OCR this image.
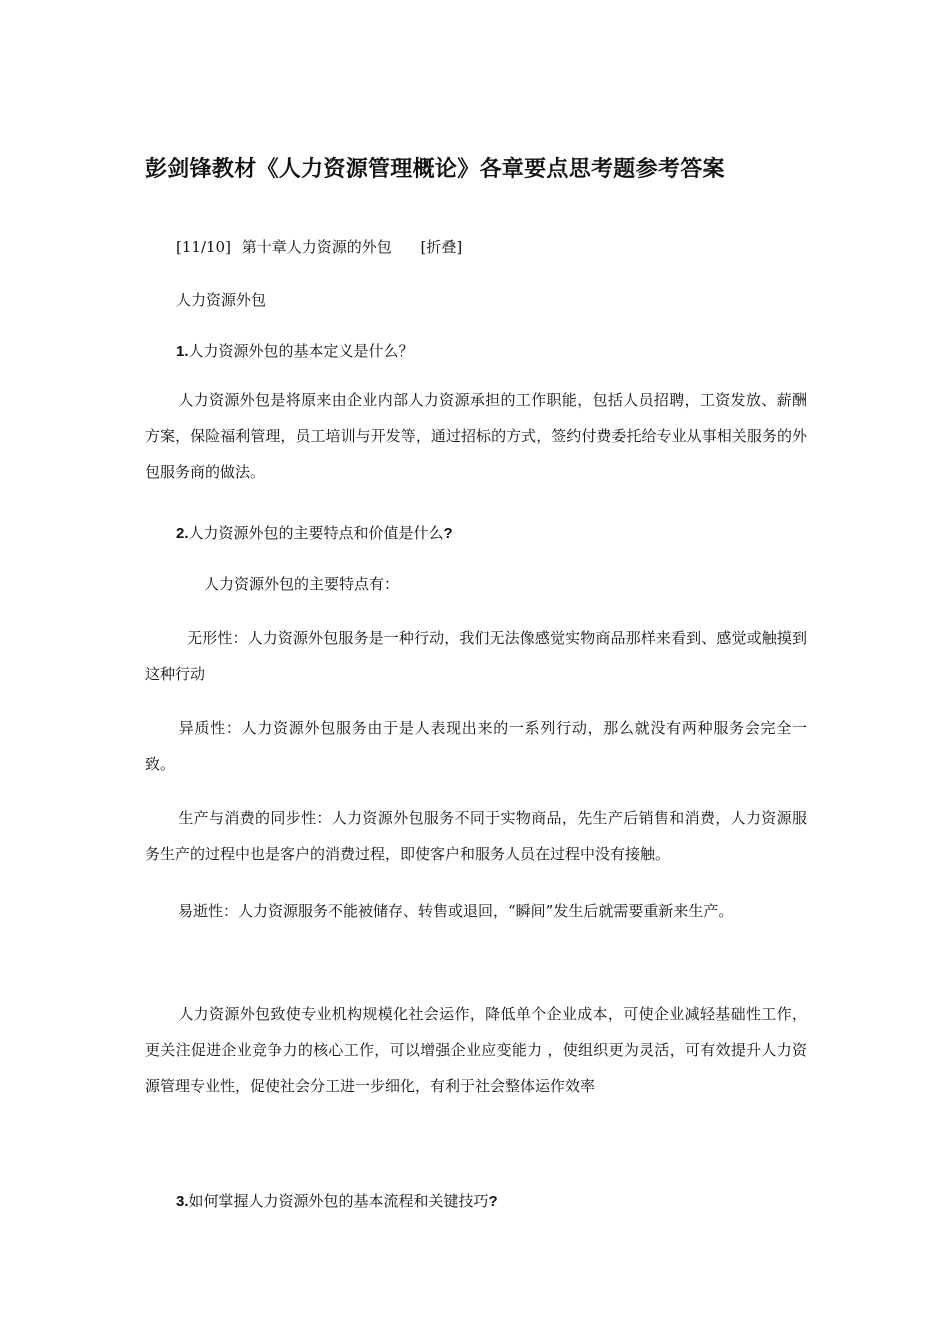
彭剑锋教材《人力资源管理概论》各章要点思考题参考答案
[11/10] 第十章人力资源的外包 [折叠]
人力资源外包
1.人力资源外包的基本定义是什么？
人力资源外包是将原来由企业内部人力资源承担的工作职能，包括人员招聘，工资发放、薪酬方案，保险福利管理，员工培训与开发等，通过招标的方式，签约付费委托给专业从事相关服务的外包服务商的做法。
2.人力资源外包的主要特点和价值是什么?
人力资源外包的主要特点有：
无形性：人力资源外包服务是一种行动，我们无法像感觉实物商品那样来看到、感觉或触摸到这种行动
异质性：人力资源外包服务由于是人表现出来的一系列行动，那么就没有两种服务会完全一致。
生产与消费的同步性：人力资源外包服务不同于实物商品，先生产后销售和消费，人力资源服务生产的过程中也是客户的消费过程，即使客户和服务人员在过程中没有接触。
易逝性：人力资源服务不能被储存、转售或退回，“瞬间”发生后就需要重新来生产。
人力资源外包致使专业机构规模化社会运作，降低单个企业成本，可使企业减轻基础性工作，更关注促进企业竞争力的核心工作，可以增强企业应变能力 ，使组织更为灵活，可有效提升人力资源管理专业性，促使社会分工进一步细化，有利于社会整体运作效率
3.如何掌握人力资源外包的基本流程和关键技巧?
